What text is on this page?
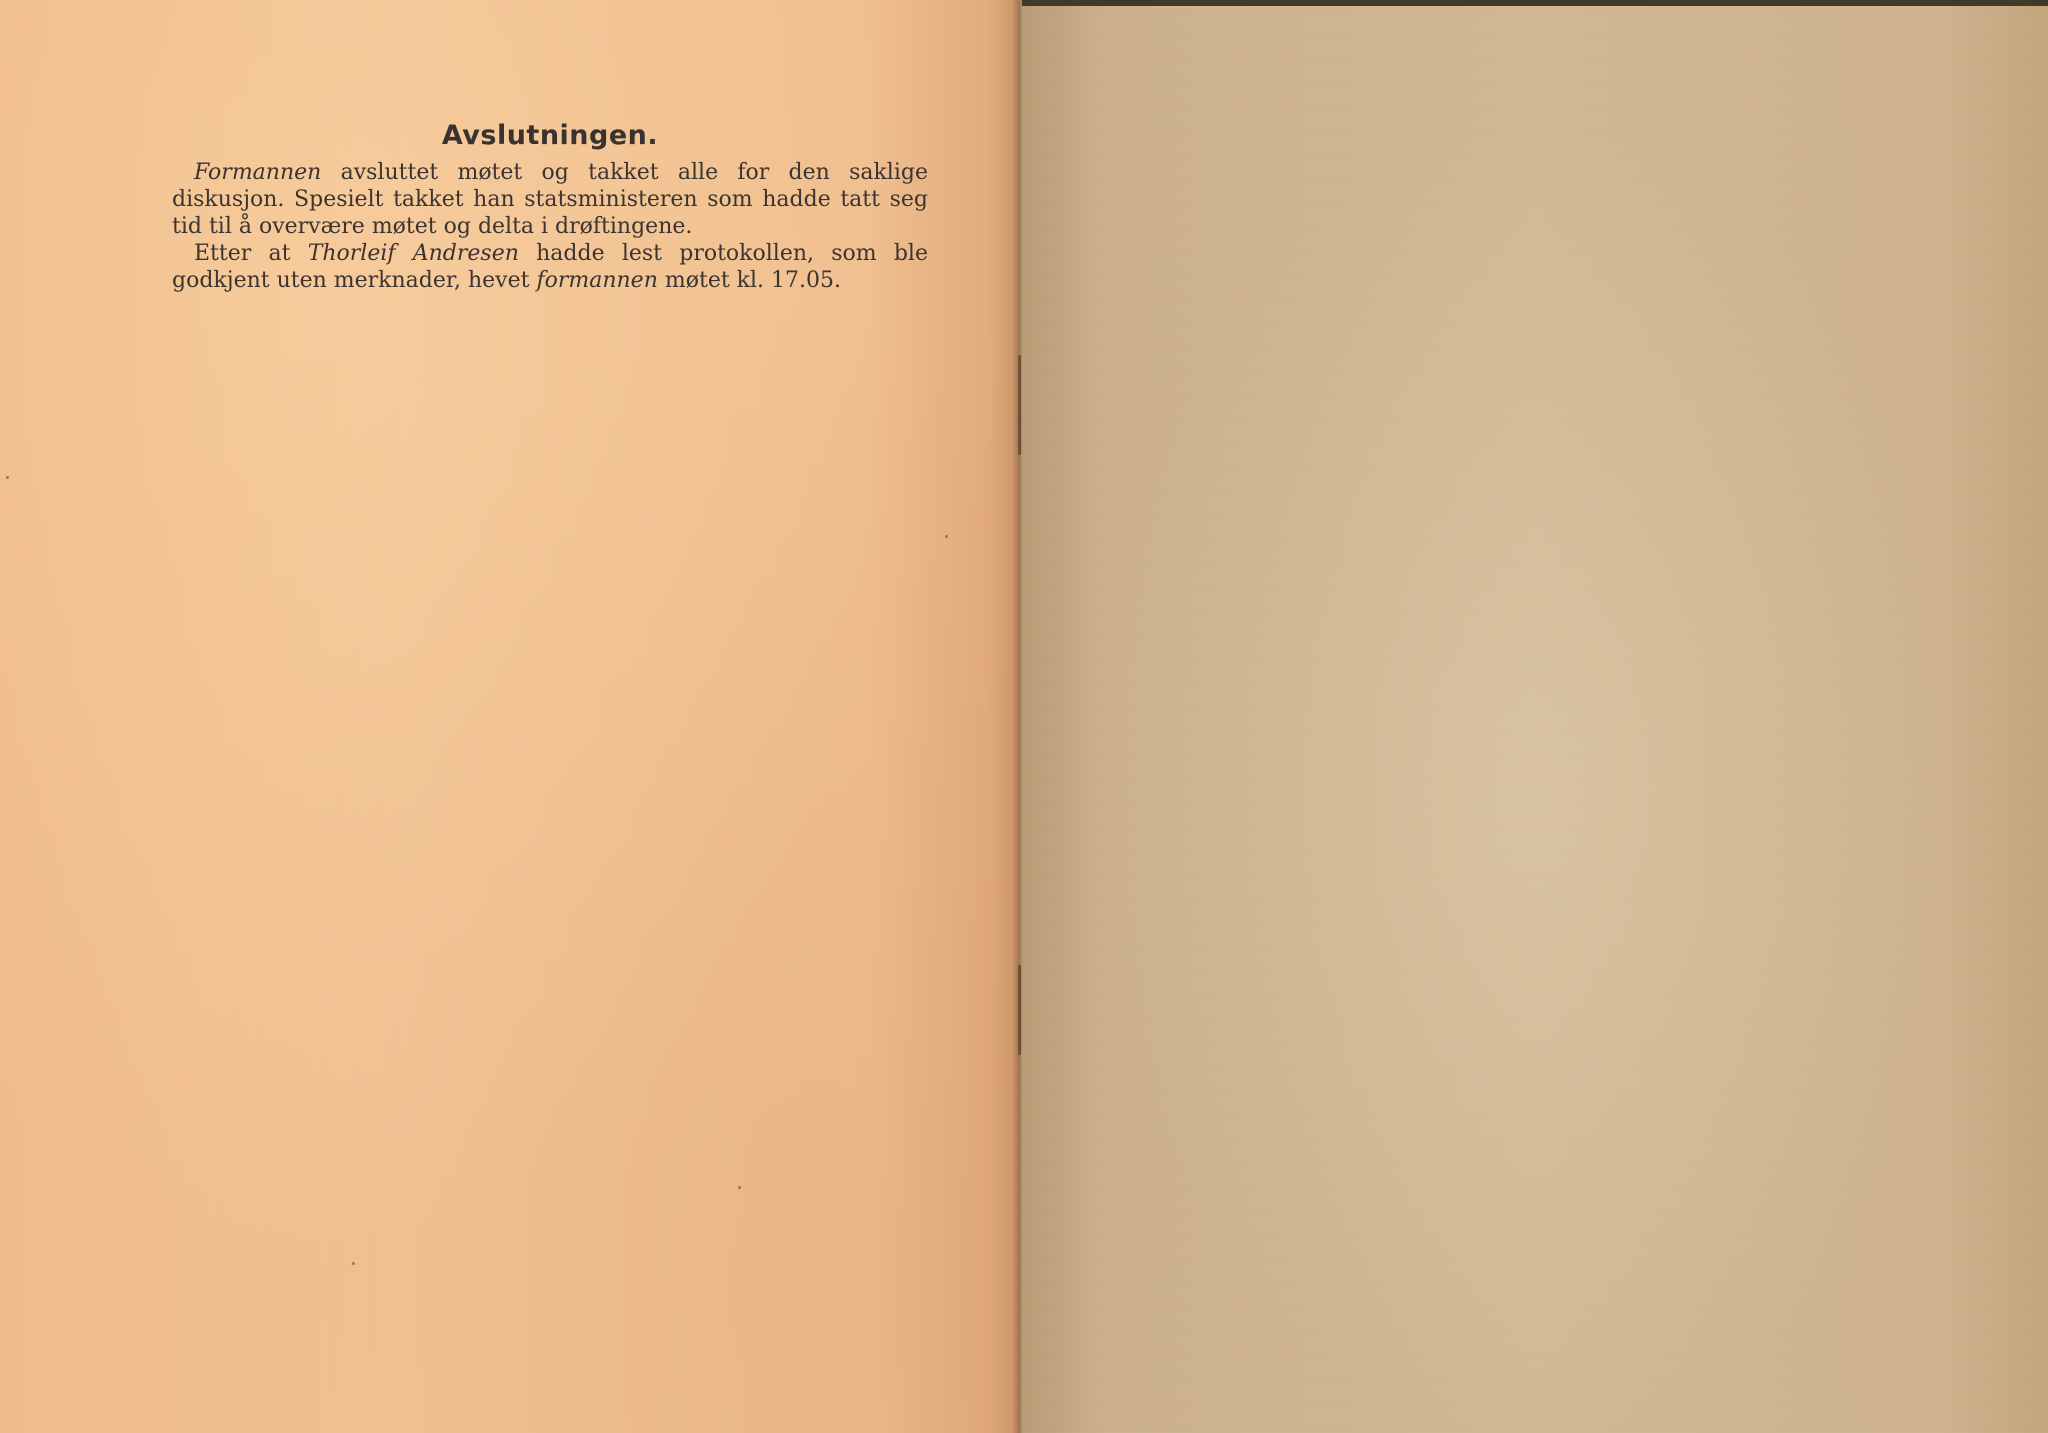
Avslutningen.

Formannen avsluttet møtet og takket alle for den saklige diskusjon. Spesielt takket han statsministeren som hadde tatt seg tid til å overvære møtet og delta i drøftingene.

Etter at Thorleif Andresen hadde lest protokollen, som ble godkjent uten merknader, hevet formannen møtet kl. 17.05.
